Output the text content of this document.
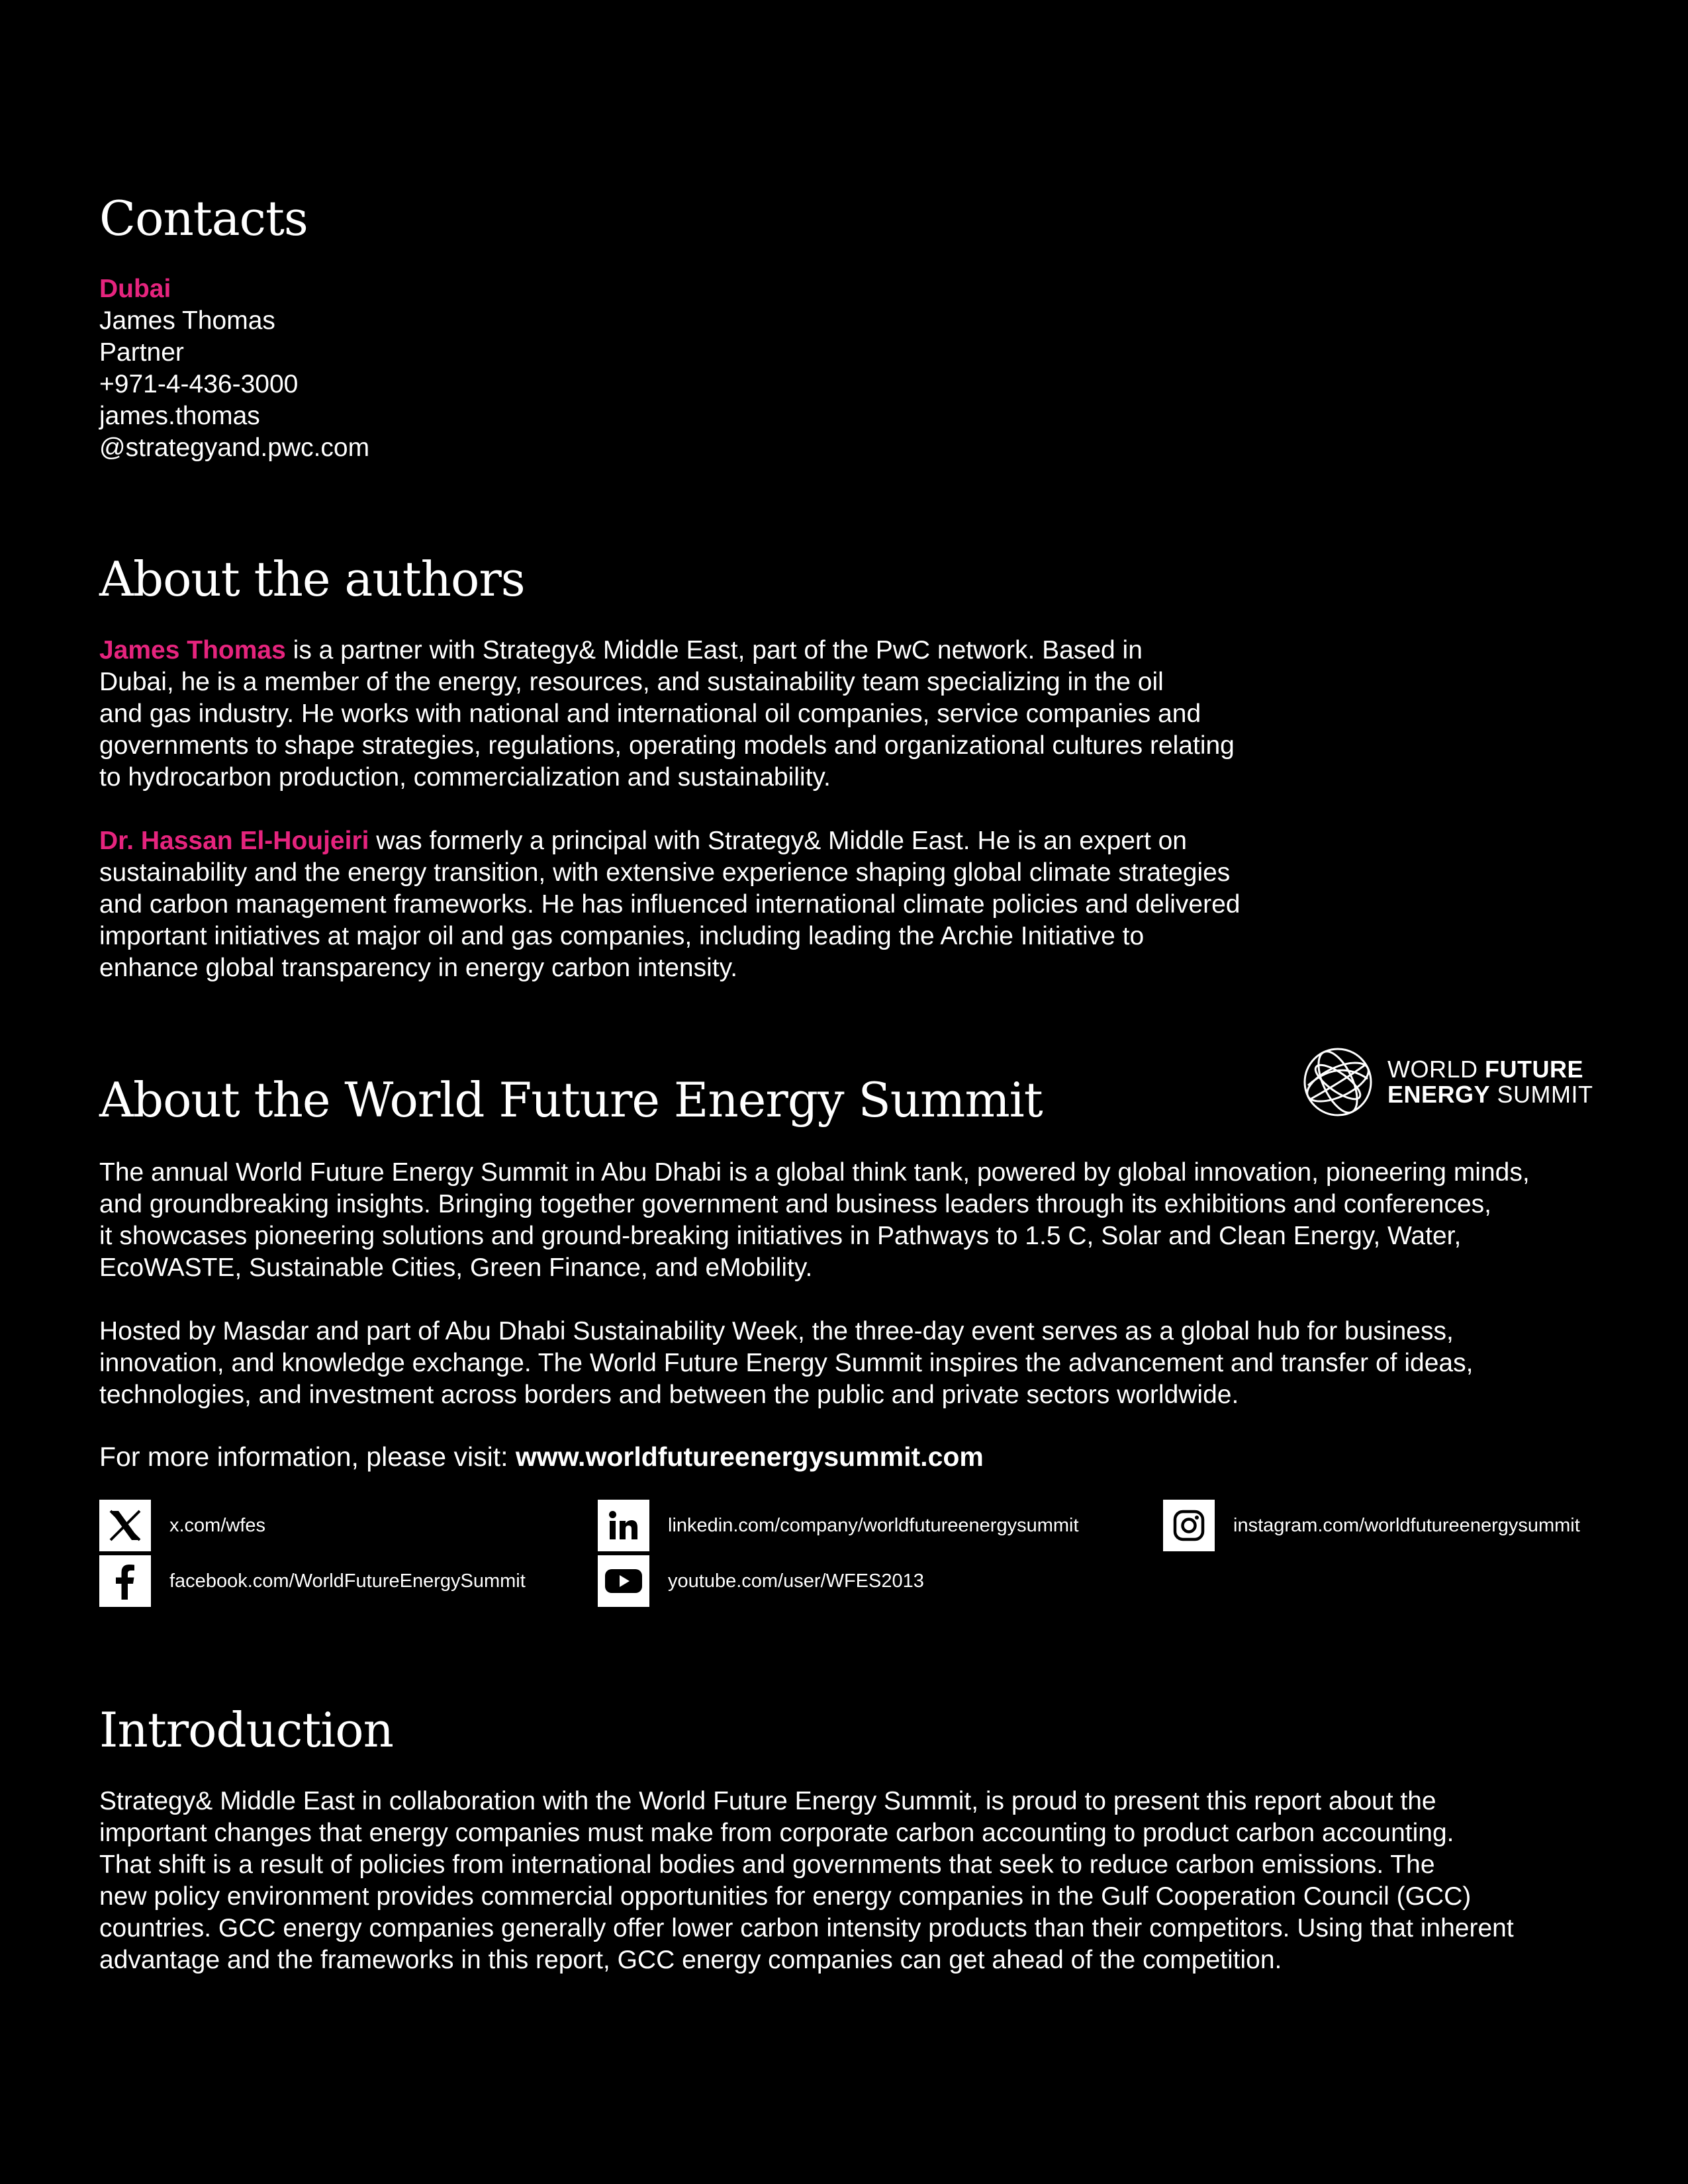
Contacts
Dubai
James Thomas
Partner
+971-4-436-3000
james.thomas
@strategyand.pwc.com
About the authors
James Thomas is a partner with Strategy& Middle East, part of the PwC network. Based in
Dubai, he is a member of the energy, resources, and sustainability team specializing in the oil
and gas industry. He works with national and international oil companies, service companies and
governments to shape strategies, regulations, operating models and organizational cultures relating
to hydrocarbon production, commercialization and sustainability.
Dr. Hassan El-Houjeiri was formerly a principal with Strategy& Middle East. He is an expert on
sustainability and the energy transition, with extensive experience shaping global climate strategies
and carbon management frameworks. He has influenced international climate policies and delivered
important initiatives at major oil and gas companies, including leading the Archie Initiative to
enhance global transparency in energy carbon intensity.
About the World Future Energy Summit
WORLD FUTURE
ENERGY SUMMIT
The annual World Future Energy Summit in Abu Dhabi is a global think tank, powered by global innovation, pioneering minds,
and groundbreaking insights. Bringing together government and business leaders through its exhibitions and conferences,
it showcases pioneering solutions and ground-breaking initiatives in Pathways to 1.5 C, Solar and Clean Energy, Water,
EcoWASTE, Sustainable Cities, Green Finance, and eMobility.
Hosted by Masdar and part of Abu Dhabi Sustainability Week, the three-day event serves as a global hub for business,
innovation, and knowledge exchange. The World Future Energy Summit inspires the advancement and transfer of ideas,
technologies, and investment across borders and between the public and private sectors worldwide.
For more information, please visit: www.worldfutureenergysummit.com
x.com/wfes	linkedin.com/company/worldfutureenergysummit	instagram.com/worldfutureenergysummit
facebook.com/WorldFutureEnergySummit	youtube.com/user/WFES2013
Introduction
Strategy& Middle East in collaboration with the World Future Energy Summit, is proud to present this report about the
important changes that energy companies must make from corporate carbon accounting to product carbon accounting.
That shift is a result of policies from international bodies and governments that seek to reduce carbon emissions. The
new policy environment provides commercial opportunities for energy companies in the Gulf Cooperation Council (GCC)
countries. GCC energy companies generally offer lower carbon intensity products than their competitors. Using that inherent
advantage and the frameworks in this report, GCC energy companies can get ahead of the competition.
